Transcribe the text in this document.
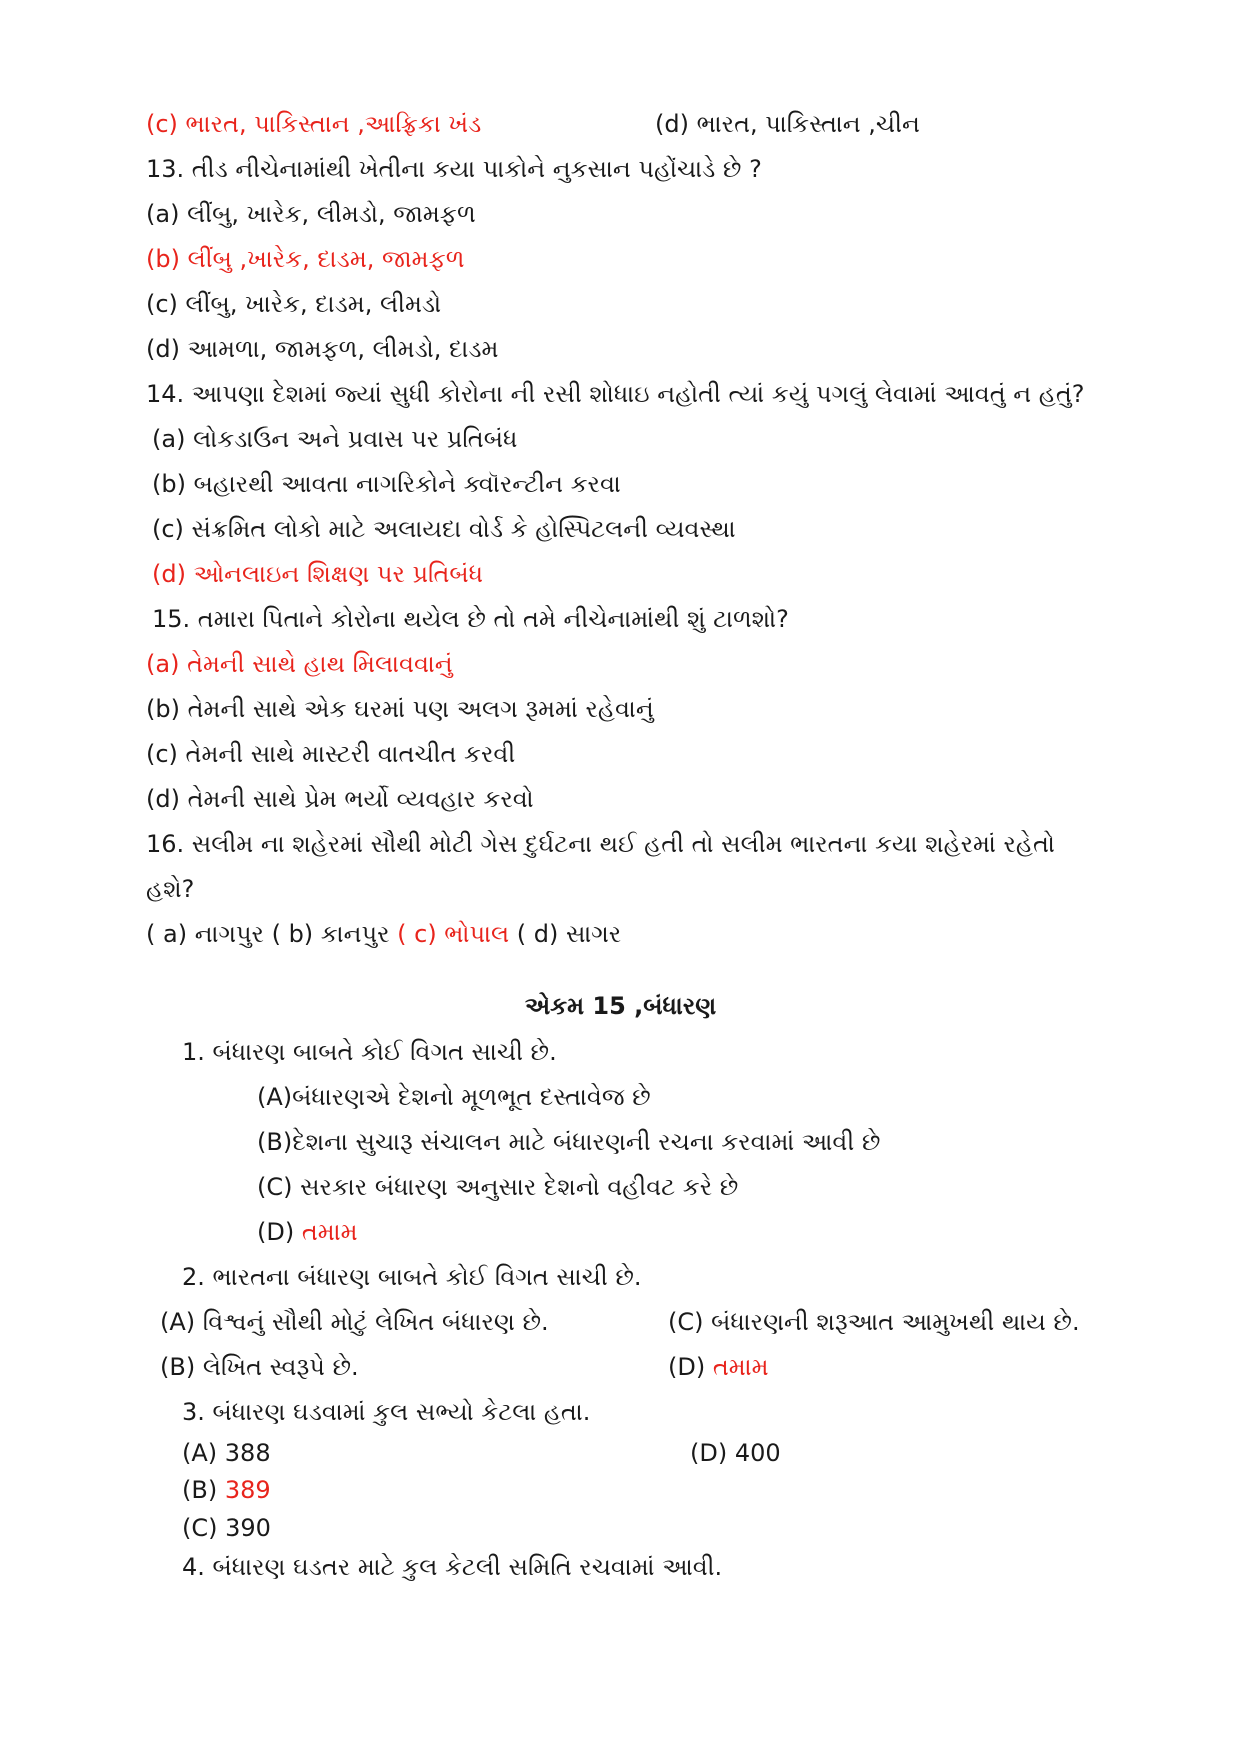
(c) ભારત, પાકિસ્તાન ,આફ્રિકા ખંડ	(d) ભારત, પાકિસ્તાન ,ચીન
13. તીડ નીચેનામાંથી ખેતીના કયા પાકોને નુકસાન પહોંચાડે છે ?
(a) લીંબુ, ખારેક, લીમડો, જામફળ
(b) લીંબુ ,ખારેક, દાડમ, જામફળ
(c) લીંબુ, ખારેક, દાડમ, લીમડો
(d) આમળા, જામફળ, લીમડો, દાડમ
14. આપણા દેશમાં જ્યાં સુધી કોરોના ની રસી શોધાઇ નહોતી ત્યાં કયું પગલું લેવામાં આવતું ન હતું?
(a) લોકડાઉન અને પ્રવાસ પર પ્રતિબંધ
(b) બહારથી આવતા નાગરિકોને ક્વૉરન્ટીન કરવા
(c) સંક્રમિત લોકો માટે અલાયદા વોર્ડ કે હોસ્પિટલની વ્યવસ્થા
(d) ઓનલાઇન શિક્ષણ પર પ્રતિબંધ
15. તમારા પિતાને કોરોના થયેલ છે તો તમે નીચેનામાંથી શું ટાળશો?
(a) તેમની સાથે હાથ મિલાવવાનું
(b) તેમની સાથે એક ઘરમાં પણ અલગ રૂમમાં રહેવાનું
(c) તેમની સાથે માસ્ટરી વાતચીત કરવી
(d) તેમની સાથે પ્રેમ ભર્યો વ્યવહાર કરવો
16. સલીમ ના શહેરમાં સૌથી મોટી ગેસ દુર્ઘટના થઈ હતી તો સલીમ ભારતના કયા શહેરમાં રહેતો
હશે?
( a) નાગપુર ( b) કાનપુર ( c) ભોપાલ ( d) સાગર
એકમ 15 ,બંધારણ
1. બંધારણ બાબતે કોઈ વિગત સાચી છે.
(A)બંધારણએ દેશનો મૂળભૂત દસ્તાવેજ છે
(B)દેશના સુચારૂ સંચાલન માટે બંધારણની રચના કરવામાં આવી છે
(C) સરકાર બંધારણ અનુસાર દેશનો વહીવટ કરે છે
(D) તમામ
2. ભારતના બંધારણ બાબતે કોઈ વિગત સાચી છે.
(A) વિશ્વનું સૌથી મોટું લેખિત બંધારણ છે.	(C) બંધારણની શરૂઆત આમુખથી થાય છે.
(B) લેખિત સ્વરૂપે છે.	(D) તમામ
3. બંધારણ ઘડવામાં કુલ સભ્યો કેટલા હતા.
(A) 388	(D) 400
(B) 389
(C) 390
4. બંધારણ ઘડતર માટે કુલ કેટલી સમિતિ રચવામાં આવી.
